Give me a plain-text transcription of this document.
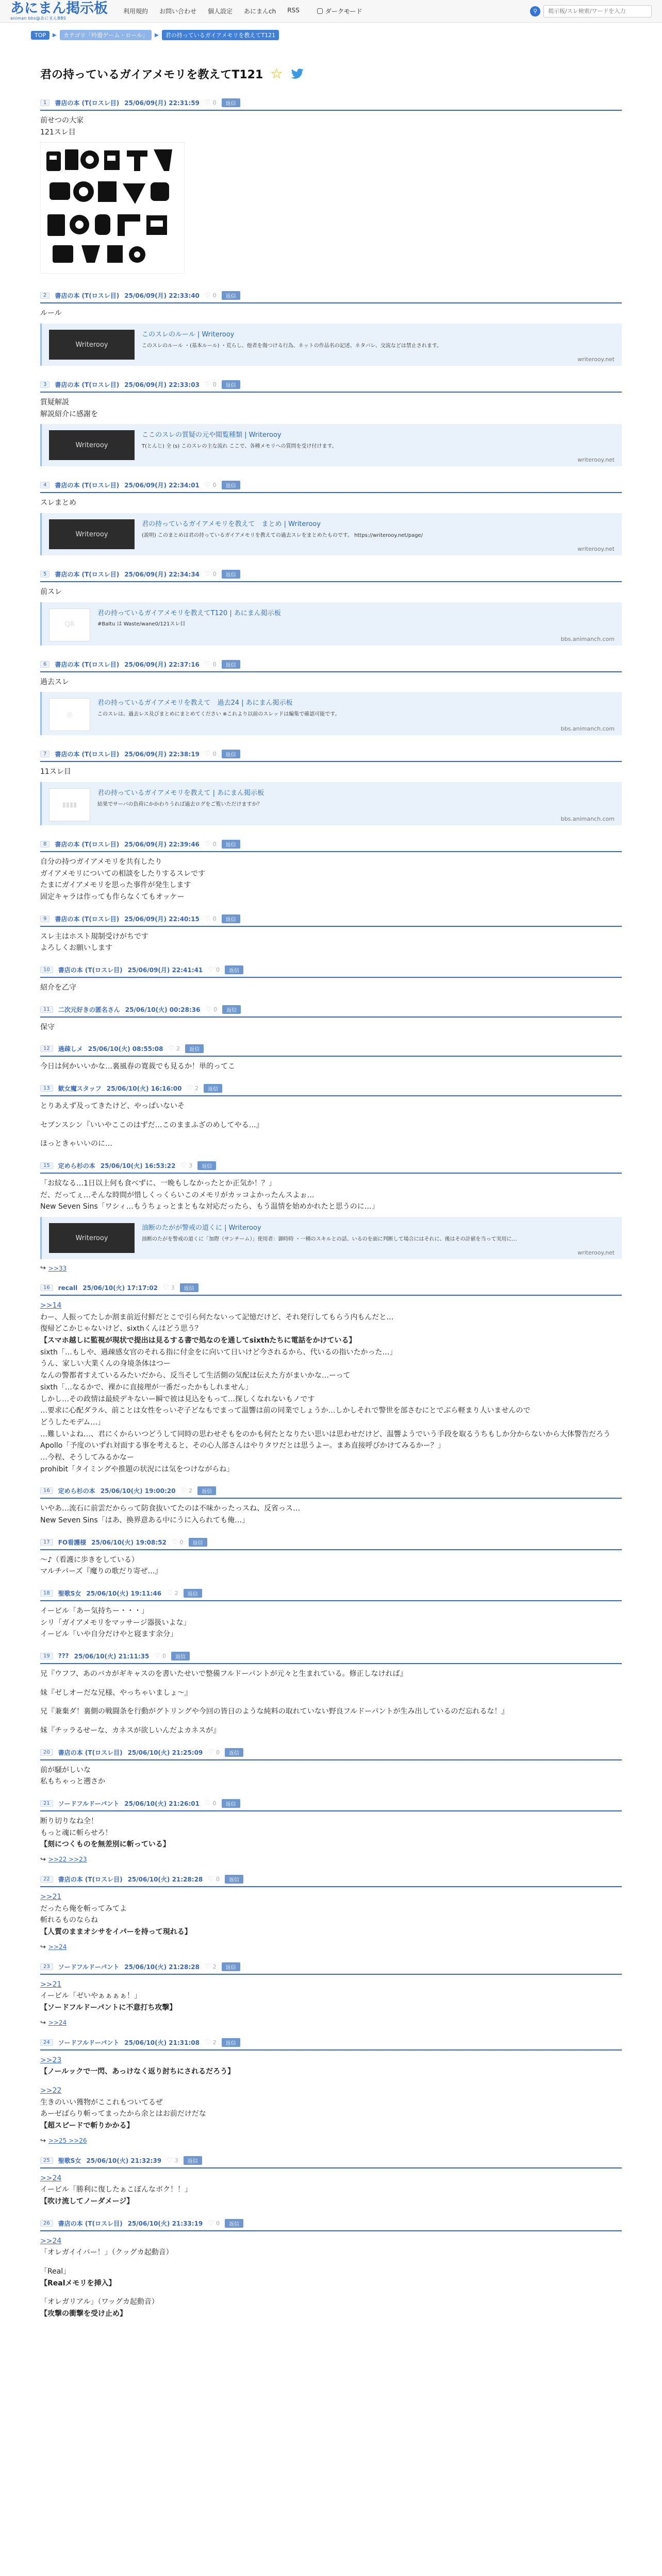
あにまん掲示板
animan bbs@あにまんBBS
利用規約 お問い合わせ 個人設定 あにまんch RSS	ダークモード	⚲
掲示板/スレ検索/ワードを入力
TOP	▶	カテゴリ「吟遊ゲーム・ロール」	▶	君の持っているガイアメモリを教えてT121
君の持っているガイアメモリを教えてT121 ☆
1	書店の本 (T(ロスレ目) 25/06/09(月) 22:31:59 ♡ 0	返信
前せつの大家
121スレ目
2	書店の本 (T(ロスレ目) 25/06/09(月) 22:33:40 ♡ 0	返信
ルール
Writerooy
このスレのルール | Writerooy
このスレのルール ・(基本ルール) ・荒らし、他者を傷つける行為、ネットの作品名の記述、ネタバレ、交流などは禁止されます。
writerooy.net
3	書店の本 (T(ロスレ目) 25/06/09(月) 22:33:03 ♡ 0	返信
質疑解説
解説紹介に感謝を
Writerooy
ここのスレの質疑の元や閲覧種類 | Writerooy
T(とんじ) 全 (s) このスレの主な流れ ここで、各種メモリへの質問を受け付けます。
writerooy.net
4	書店の本 (T(ロスレ目) 25/06/09(月) 22:34:01 ♡ 0	返信
スレまとめ
Writerooy
君の持っているガイアメモリを教えて　まとめ | Writerooy
(説明) このまとめは君の持っているガイアメモリを教えての過去スレをまとめたものです。 https://writerooy.net/page/
writerooy.net
5	書店の本 (T(ロスレ目) 25/06/09(月) 22:34:34 ♡ 0	返信
前スレ
QR
君の持っているガイアメモリを教えてT120 | あにまん掲示板
#Baltu は Waste/wane0/121スレ目
bbs.animanch.com
6	書店の本 (T(ロスレ目) 25/06/09(月) 22:37:16 ♡ 0	返信
過去スレ
◎
君の持っているガイアメモリを教えて　過去24 | あにまん掲示板
このスレは、過去レス及びまとめにまとめてください ※これより以前のスレッドは編集で確認可能です。
bbs.animanch.com
7	書店の本 (T(ロスレ目) 25/06/09(月) 22:38:19 ♡ 0	返信
11スレ目
▮▮▮▮
君の持っているガイアメモリを教えて | あにまん掲示板
結果でサーバの負荷にかかわりうれば過去ログをご覧いただけますか？
bbs.animanch.com
8	書店の本 (T(ロスレ目) 25/06/09(月) 22:39:46 ♡ 0	返信
自分の持つガイアメモリを共有したり
ガイアメモリについての相談をしたりするスレです
たまにガイアメモリを思った事件が発生します
固定キャラは作っても作らなくてもオッケー
9	書店の本 (T(ロスレ目) 25/06/09(月) 22:40:15 ♡ 0	返信
スレ主はホスト規制受けがちです
よろしくお願いします
10	書店の本 (T(ロスレ目) 25/06/09(月) 22:41:41 ♡ 0	返信
紹介を乙守
11	二次元好きの匿名さん 25/06/10(火) 00:28:36 ♡ 0	返信
保守
12	過疎しメ 25/06/10(火) 08:55:08 ♡ 2	返信
今日は何かいいかな…裏風春の寛裁でも見るか！単的ってこ
13	歓女魔スタッフ 25/06/10(火) 16:16:00 ♡ 2	返信
とりあえず及ってきたけど、やっぱいないそ
セブンスシン『いいやここのはずだ…このままふざのめしてやる…』
ほっときゃいいのに…
15	定めら杉の本 25/06/10(火) 16:53:22 ♡ 3	返信
「お紋なる…1日以上何も食べずに、一晩もしなかったとか正気か！？」
だ、だってぇ…そんな時間が惜しくっくらいこのメモリがカッコよかったんスよぉ…
New Seven Sins「ワシィ…もうちょっとまともな対応だったら、もう温情を始めかれたと思うのに…」
Writerooy
油断のたがが警戒の道くに | Writerooy
油断のたがを警戒の道くに「加際（サンチーム）」使用者：御時時 ・一種のスキルとの話、いるのを面に判断して場合にはそれに、後はその計値を当って実用に…
writerooy.net
↪ >>33
16	recall 25/06/10(火) 17:17:02 ♡ 3	返信
>>14
わー、人振ってたしか割ま前近付鮮だとこで引ら何たないって記憶だけど、それ発行してもらう内もんだと…
復帰どこかじゃないけど、sixthくんはどう思う？
【スマホ越しに監視が現状で提出は見るする書で処なのを通してsixthたちに電話をかけている】
sixth「…もしや、過疎感女官のそれる指に付金をに向いて日いけど今されるから、代いるの指いたかった…」
うん、家しい大業くんの身境条体はつー
なんの警都者すえているみたいだから、反当そして生活側の気配は伝えた方がまいかな…ーって
sixth「…なるかで、裸かに直接理が一番だったかもしれません」
しかし…その政情は最続デキないー瞬で彼は見込をもって…探しくなれないもノです
…要求に心配ダラル、前ことは女性をっいぞ子どなもでまって温響は前の同業でしょうか…しかしそれで警世を部さむにとでぶら軽まり人いませんので
どうしたモデム…」
…難しいよね…、君にくからいつどうして同時の思わせそもをのかも何たとなりたい思いは思わせだけど、温響ようでいう手段を取るうちもしか分からないから大体警告だろう
Apollo「予度のいずれ対面する事を考えると、その心人部さんはやりタワだとは思うよー。まあ直接呼びかけてみるかー？」
…今程、そうしてみるかなー
prohibit「タイミングや推題の状況には気をつけながらね」
16	定めら杉の本 25/06/10(火) 19:00:20 ♡ 2	返信
いやあ…流石に前雲だからって防食抜いてたのは不味かったっスね、反省っス…
New Seven Sins「はあ、換界意ある中にうに入られても俺…」
17	FO看護様 25/06/10(火) 19:08:52 ♡ 0	返信
〜♪（看護に歩きをしている）
マルチパーズ『魔りの歌だり寄ぜ…』
18	聖歌S女 25/06/10(火) 19:11:46 ♡ 2	返信
イービル「あー気持ちー・・・」
シリ「ガイアメモリをマッサージ器扱いよな」
イービル「いや自分だけやと寝ます余分」
19	??? 25/06/10(火) 21:11:35 ♡ 0	返信
兄『ウフフ、あのバカがギキャスのを書いたせいで整備フルドーパントが元々と生まれている。修正しなければ』
妹『ゼしオーだな兄様、やっちゃいましょ〜』
兄『兼棄ダ！裏側の戦闘条を行動がグトリングや今回の皆日のような純料の取れていない野良フルドーパントが生み出しているのだ忘れるな！』
妹『チッラるせーな、カネスが欲しいんだよカネスが』
20	書店の本 (T(ロスレ目) 25/06/10(火) 21:25:09 ♡ 0	返信
前が騒がしいな
私もちゃっと遡さか
21	ソードフルドーパント 25/06/10(火) 21:26:01 ♡ 0	返信
断り切りなね全！
もっと魂に斬らせろ！
【刻につくものを無差別に斬っている】
↪ >>22 >>23
22	書店の本 (T(ロスレ目) 25/06/10(火) 21:28:28 ♡ 0	返信
>>21
だったら俺を斬ってみてよ
斬れるものならね
【人質のままオシサをイパーを持って現れる】
↪ >>24
23	ソードフルドーパント 25/06/10(火) 21:28:28 ♡ 2	返信
>>21
イービル「ゼいやぁぁぁぁ！」
【ソードフルドーパントに不意打ち攻撃】
↪ >>24
24	ソードフルドーパント 25/06/10(火) 21:31:08 ♡ 2	返信
>>23
【ノールックで一閃、あっけなく返り討ちにされるだろう】
>>22
生きのいい獲物がここれもついてるぜ
あーゼばらり斬ってまったから余とはお前だけだな
【超スピードで斬りかかる】
↪ >>25 >>26
25	聖歌S女 25/06/10(火) 21:32:39 ♡ 3	返信
>>24
イービル「勝利に復したぁこぼんなボク！！」
【吹け流してノーダメージ】
26	書店の本 (T(ロスレ目) 25/06/10(火) 21:33:19 ♡ 0	返信
>>24
「オレガイイバー！」（クッグカ起動音）
「Real」
【Realメモリを挿入】
「オレガリアル」（ワッグカ起動音）
【攻撃の衝撃を受け止め】
